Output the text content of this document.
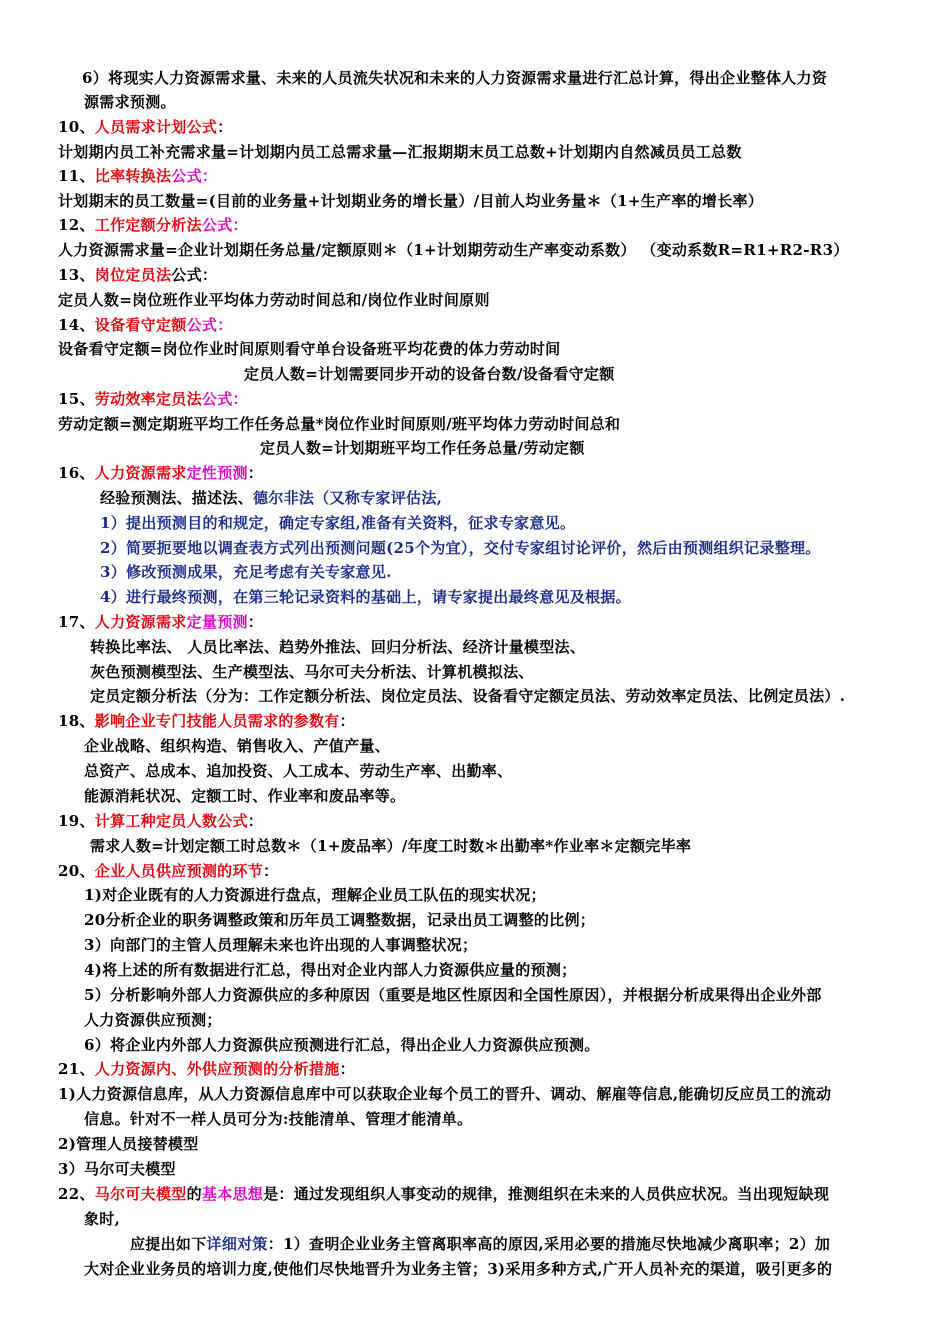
6）将现实人力资源需求量、未来的人员流失状况和未来的人力资源需求量进行汇总计算，得出企业整体人力资
源需求预测。
10、人员需求计划公式：
计划期内员工补充需求量=计划期内员工总需求量—汇报期期末员工总数+计划期内自然减员员工总数
11、比率转换法公式：
计划期末的员工数量=(目前的业务量+计划期业务的增长量）/目前人均业务量＊（1+生产率的增长率）
12、工作定额分析法公式：
人力资源需求量=企业计划期任务总量/定额原则＊（1+计划期劳动生产率变动系数） （变动系数R=R1+R2-R3）
13、岗位定员法公式：
定员人数=岗位班作业平均体力劳动时间总和/岗位作业时间原则
14、设备看守定额公式：
设备看守定额=岗位作业时间原则看守单台设备班平均花费的体力劳动时间
定员人数=计划需要同步开动的设备台数/设备看守定额
15、劳动效率定员法公式：
劳动定额=测定期班平均工作任务总量*岗位作业时间原则/班平均体力劳动时间总和
定员人数=计划期班平均工作任务总量/劳动定额
16、人力资源需求定性预测：
经验预测法、描述法、德尔非法（又称专家评估法,
1）提出预测目的和规定，确定专家组,准备有关资料，征求专家意见。
2）简要扼要地以调查表方式列出预测问题(25个为宜），交付专家组讨论评价，然后由预测组织记录整理。
3）修改预测成果，充足考虑有关专家意见.
4）进行最终预测，在第三轮记录资料的基础上，请专家提出最终意见及根据。
17、人力资源需求定量预测：
转换比率法、 人员比率法、趋势外推法、回归分析法、经济计量模型法、
灰色预测模型法、生产模型法、马尔可夫分析法、计算机模拟法、
定员定额分析法（分为：工作定额分析法、岗位定员法、设备看守定额定员法、劳动效率定员法、比例定员法）.
18、影响企业专门技能人员需求的参数有：
企业战略、组织构造、销售收入、产值产量、
总资产、总成本、追加投资、人工成本、劳动生产率、出勤率、
能源消耗状况、定额工时、作业率和废品率等。
19、计算工种定员人数公式：
需求人数=计划定额工时总数＊（1+废品率）/年度工时数＊出勤率*作业率＊定额完毕率
20、企业人员供应预测的环节：
1)对企业既有的人力资源进行盘点，理解企业员工队伍的现实状况；
20分析企业的职务调整政策和历年员工调整数据，记录出员工调整的比例；
3）向部门的主管人员理解未来也许出现的人事调整状况；
4)将上述的所有数据进行汇总，得出对企业内部人力资源供应量的预测；
5）分析影响外部人力资源供应的多种原因（重要是地区性原因和全国性原因），并根据分析成果得出企业外部
人力资源供应预测；
6）将企业内外部人力资源供应预测进行汇总，得出企业人力资源供应预测。
21、人力资源内、外供应预测的分析措施：
1)人力资源信息库，从人力资源信息库中可以获取企业每个员工的晋升、调动、解雇等信息,能确切反应员工的流动
信息。针对不一样人员可分为:技能清单、管理才能清单。
2)管理人员接替模型
3）马尔可夫模型
22、马尔可夫模型的基本思想是：通过发现组织人事变动的规律，推测组织在未来的人员供应状况。当出现短缺现
象时,
应提出如下详细对策：1）查明企业业务主管离职率高的原因,采用必要的措施尽快地减少离职率；2）加
大对企业业务员的培训力度,使他们尽快地晋升为业务主管；3)采用多种方式,广开人员补充的渠道，吸引更多的
